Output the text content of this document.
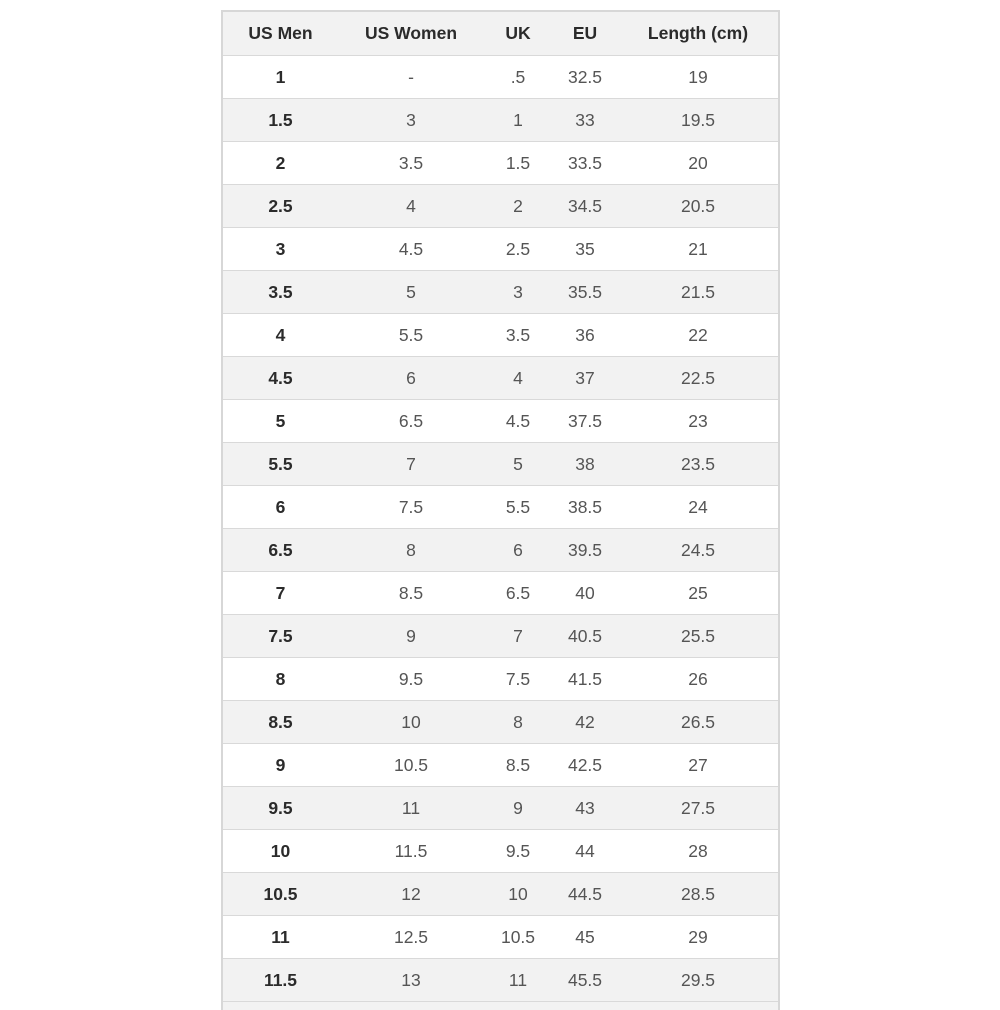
US Men	US Women	UK	EU	Length (cm)
1	-	.5	32.5	19
1.5	3	1	33	19.5
2	3.5	1.5	33.5	20
2.5	4	2	34.5	20.5
3	4.5	2.5	35	21
3.5	5	3	35.5	21.5
4	5.5	3.5	36	22
4.5	6	4	37	22.5
5	6.5	4.5	37.5	23
5.5	7	5	38	23.5
6	7.5	5.5	38.5	24
6.5	8	6	39.5	24.5
7	8.5	6.5	40	25
7.5	9	7	40.5	25.5
8	9.5	7.5	41.5	26
8.5	10	8	42	26.5
9	10.5	8.5	42.5	27
9.5	11	9	43	27.5
10	11.5	9.5	44	28
10.5	12	10	44.5	28.5
11	12.5	10.5	45	29
11.5	13	11	45.5	29.5
